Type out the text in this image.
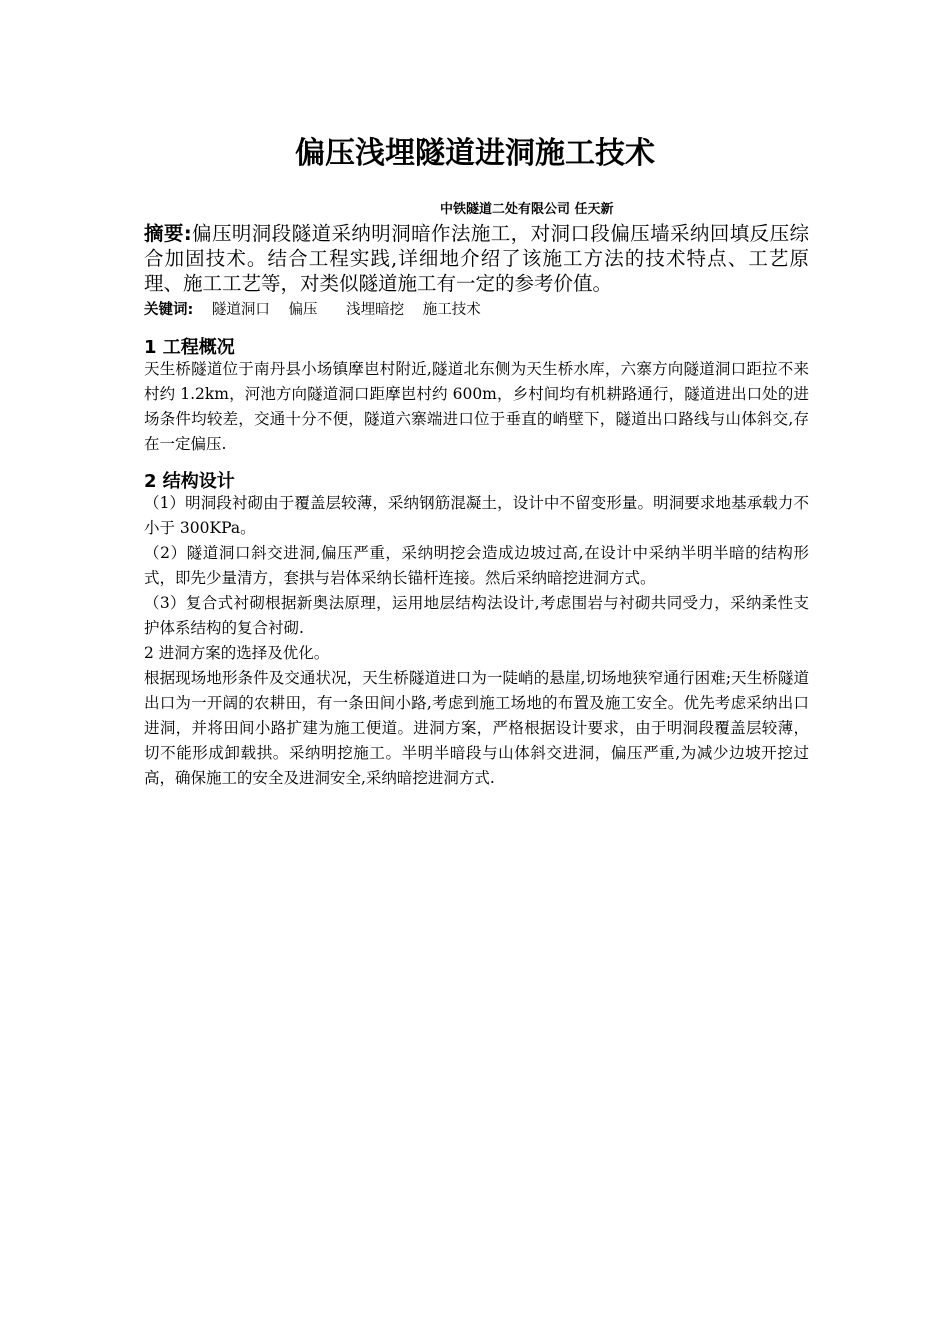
偏压浅埋隧道进洞施工技术
中铁隧道二处有限公司 任天新
摘要:偏压明洞段隧道采纳明洞暗作法施工，对洞口段偏压墙采纳回填反压综合加固技术。结合工程实践,详细地介绍了该施工方法的技术特点、工艺原理、施工工艺等，对类似隧道施工有一定的参考价值。
关键词: 隧道洞口 偏压 浅埋暗挖 施工技术
1 工程概况
天生桥隧道位于南丹县小场镇摩岜村附近,隧道北东侧为天生桥水库，六寨方向隧道洞口距拉不来村约 1.2km，河池方向隧道洞口距摩岜村约 600m，乡村间均有机耕路通行，隧道进出口处的进场条件均较差，交通十分不便，隧道六寨端进口位于垂直的峭壁下，隧道出口路线与山体斜交,存在一定偏压.
2 结构设计
（1）明洞段衬砌由于覆盖层较薄，采纳钢筋混凝土，设计中不留变形量。明洞要求地基承载力不小于 300KPa。
（2）隧道洞口斜交进洞,偏压严重，采纳明挖会造成边坡过高,在设计中采纳半明半暗的结构形式，即先少量清方，套拱与岩体采纳长锚杆连接。然后采纳暗挖进洞方式。
（3）复合式衬砌根据新奥法原理，运用地层结构法设计,考虑围岩与衬砌共同受力，采纳柔性支护体系结构的复合衬砌.
2 进洞方案的选择及优化。
根据现场地形条件及交通状况，天生桥隧道进口为一陡峭的悬崖,切场地狭窄通行困难;天生桥隧道出口为一开阔的农耕田，有一条田间小路,考虑到施工场地的布置及施工安全。优先考虑采纳出口进洞，并将田间小路扩建为施工便道。进洞方案，严格根据设计要求，由于明洞段覆盖层较薄，切不能形成卸载拱。采纳明挖施工。半明半暗段与山体斜交进洞，偏压严重,为减少边坡开挖过高，确保施工的安全及进洞安全,采纳暗挖进洞方式.
